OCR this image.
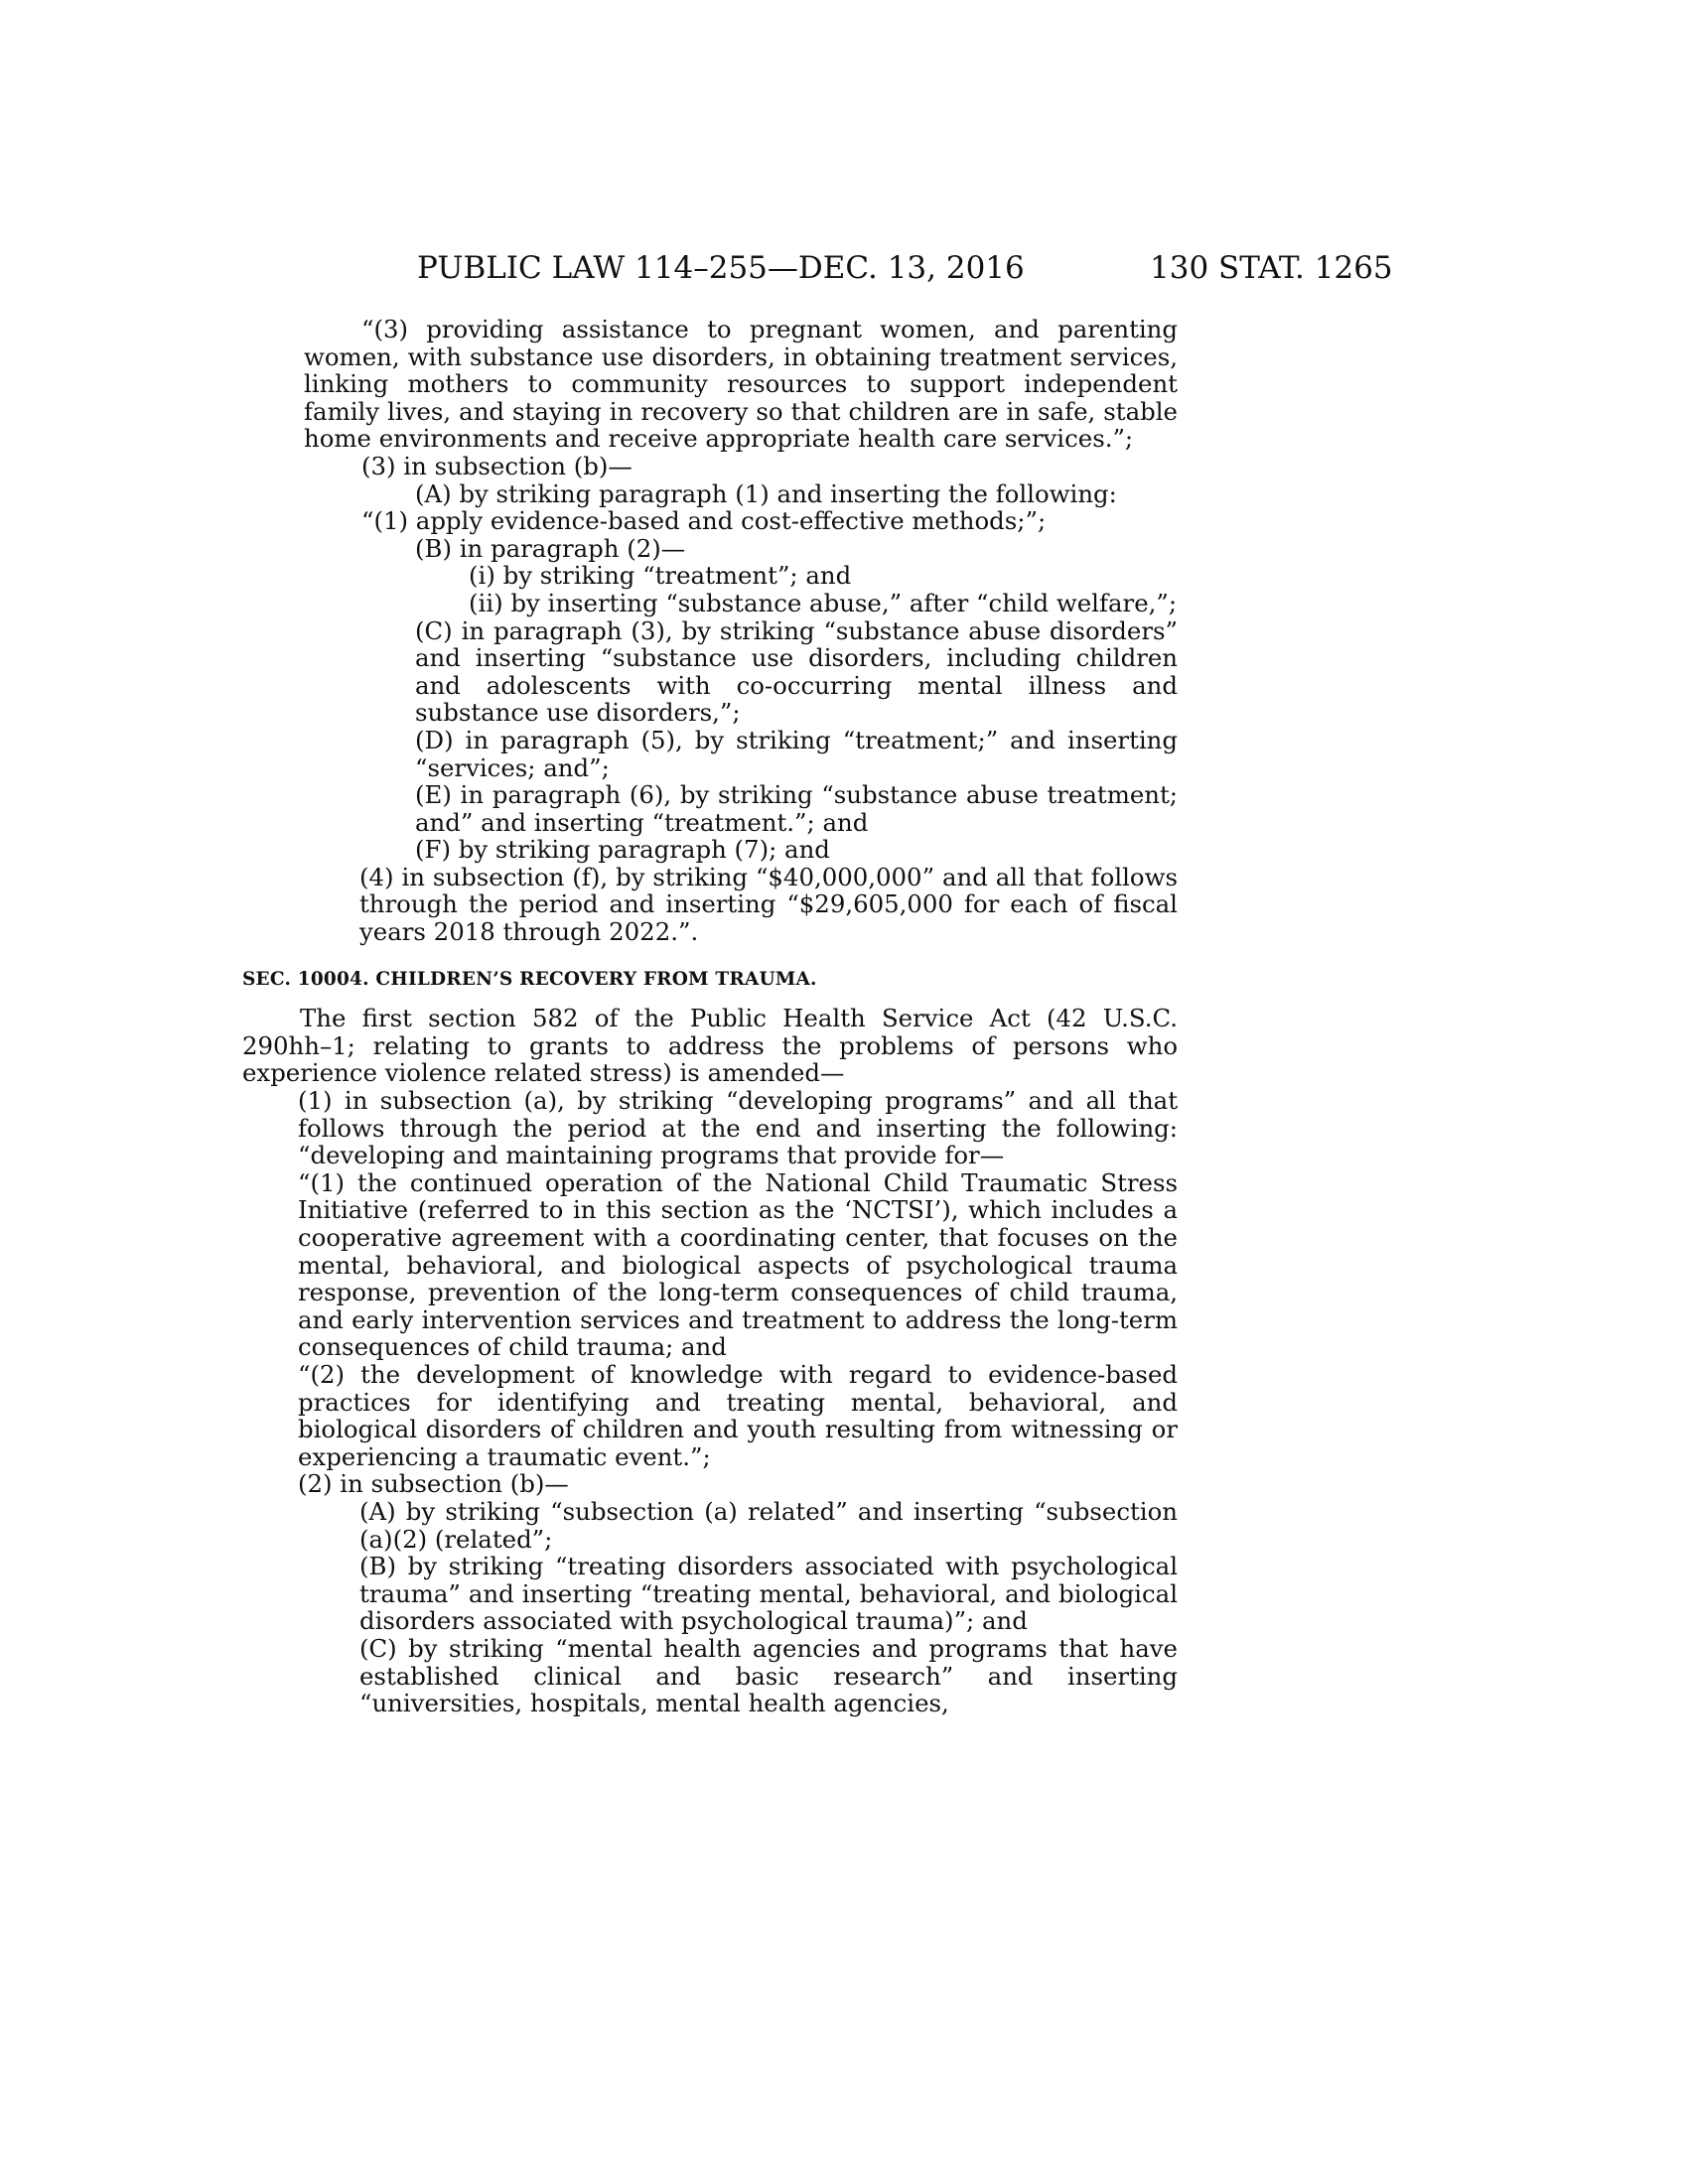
PUBLIC LAW 114–255—DEC. 13, 2016	130 STAT. 1265

“(3) providing assistance to pregnant women, and parenting women, with substance use disorders, in obtaining treatment services, linking mothers to community resources to support independent family lives, and staying in recovery so that children are in safe, stable home environments and receive appropriate health care services.”;

(3) in subsection (b)—

(A) by striking paragraph (1) and inserting the following:

“(1) apply evidence-based and cost-effective methods;”;

(B) in paragraph (2)—

(i) by striking “treatment”; and

(ii) by inserting “substance abuse,” after “child welfare,”;

(C) in paragraph (3), by striking “substance abuse disorders” and inserting “substance use disorders, including children and adolescents with co-occurring mental illness and substance use disorders,”;

(D) in paragraph (5), by striking “treatment;” and inserting “services; and”;

(E) in paragraph (6), by striking “substance abuse treatment; and” and inserting “treatment.”; and

(F) by striking paragraph (7); and

(4) in subsection (f), by striking “$40,000,000” and all that follows through the period and inserting “$29,605,000 for each of fiscal years 2018 through 2022.”.

SEC. 10004. CHILDREN’S RECOVERY FROM TRAUMA.

The first section 582 of the Public Health Service Act (42 U.S.C. 290hh–1; relating to grants to address the problems of persons who experience violence related stress) is amended—

(1) in subsection (a), by striking “developing programs” and all that follows through the period at the end and inserting the following: “developing and maintaining programs that provide for—

“(1) the continued operation of the National Child Traumatic Stress Initiative (referred to in this section as the ‘NCTSI’), which includes a cooperative agreement with a coordinating center, that focuses on the mental, behavioral, and biological aspects of psychological trauma response, prevention of the long-term consequences of child trauma, and early intervention services and treatment to address the long-term consequences of child trauma; and

“(2) the development of knowledge with regard to evidence-based practices for identifying and treating mental, behavioral, and biological disorders of children and youth resulting from witnessing or experiencing a traumatic event.”;

(2) in subsection (b)—

(A) by striking “subsection (a) related” and inserting “subsection (a)(2) (related”;

(B) by striking “treating disorders associated with psychological trauma” and inserting “treating mental, behavioral, and biological disorders associated with psychological trauma)”; and

(C) by striking “mental health agencies and programs that have established clinical and basic research” and inserting “universities, hospitals, mental health agencies,
